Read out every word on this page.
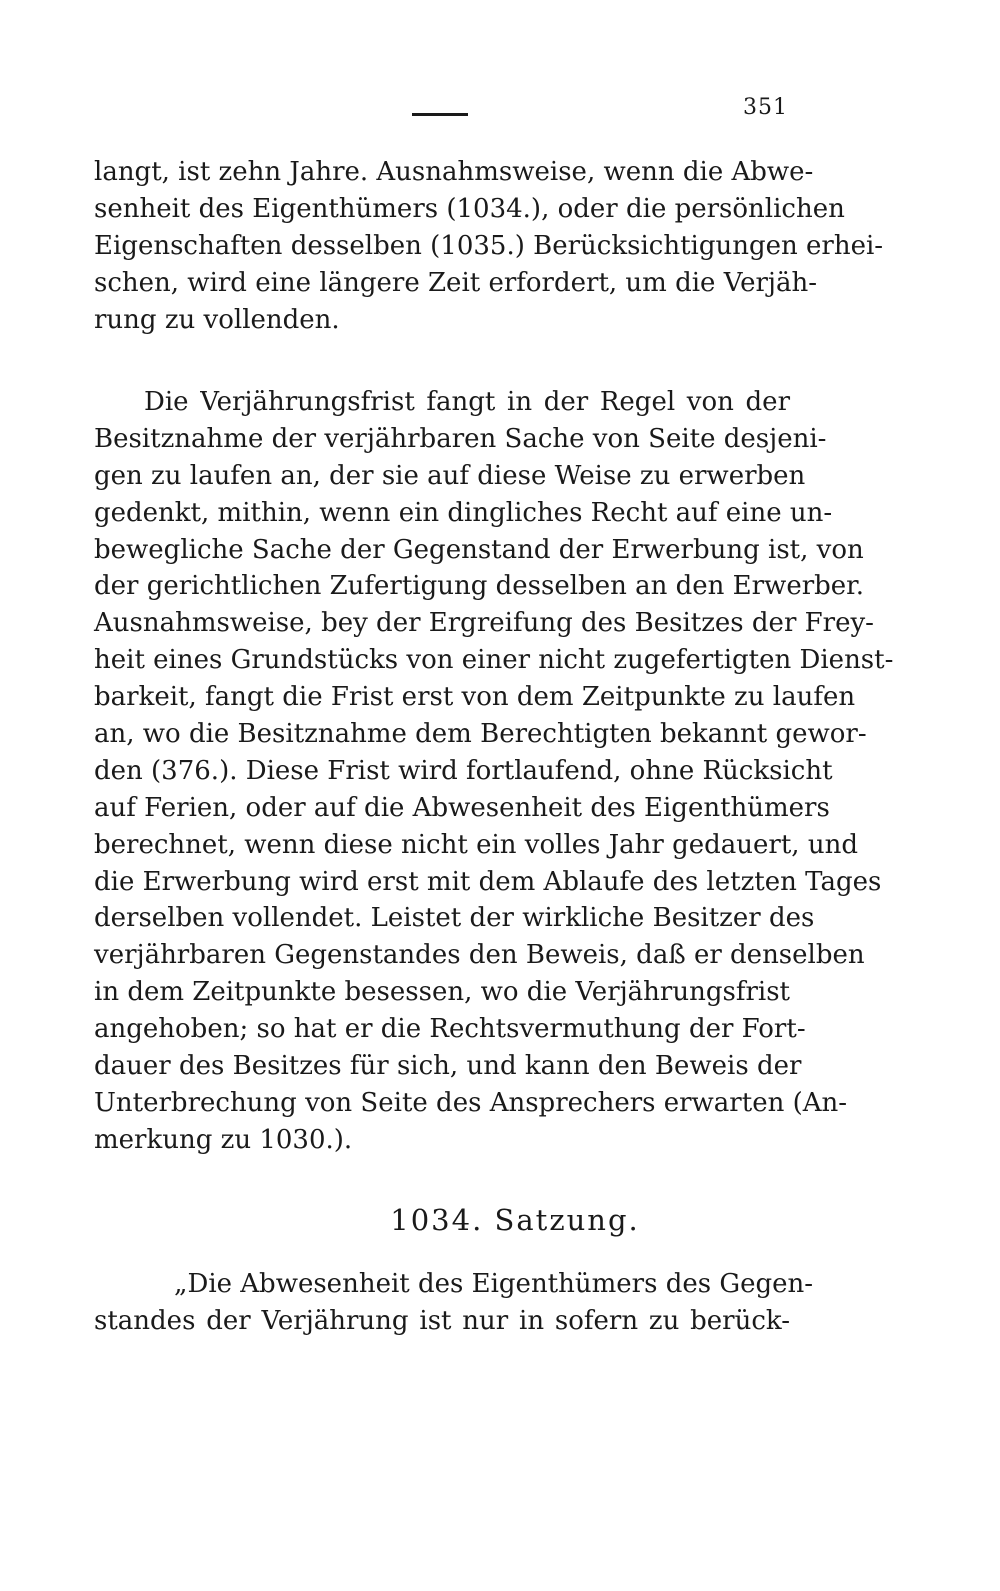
351
langt, ist zehn Jahre. Ausnahmsweise, wenn die Abwe-
senheit des Eigenthümers (1034.), oder die persönlichen
Eigenschaften desselben (1035.) Berücksichtigungen erhei-
schen, wird eine längere Zeit erfordert, um die Verjäh-
rung zu vollenden.
Die Verjährungsfrist fangt in der Regel von der
Besitznahme der verjährbaren Sache von Seite desjeni-
gen zu laufen an, der sie auf diese Weise zu erwerben
gedenkt, mithin, wenn ein dingliches Recht auf eine un-
bewegliche Sache der Gegenstand der Erwerbung ist, von
der gerichtlichen Zufertigung desselben an den Erwerber.
Ausnahmsweise, bey der Ergreifung des Besitzes der Frey-
heit eines Grundstücks von einer nicht zugefertigten Dienst-
barkeit, fangt die Frist erst von dem Zeitpunkte zu laufen
an, wo die Besitznahme dem Berechtigten bekannt gewor-
den (376.). Diese Frist wird fortlaufend, ohne Rücksicht
auf Ferien, oder auf die Abwesenheit des Eigenthümers
berechnet, wenn diese nicht ein volles Jahr gedauert, und
die Erwerbung wird erst mit dem Ablaufe des letzten Tages
derselben vollendet. Leistet der wirkliche Besitzer des
verjährbaren Gegenstandes den Beweis, daß er denselben
in dem Zeitpunkte besessen, wo die Verjährungsfrist
angehoben; so hat er die Rechtsvermuthung der Fort-
dauer des Besitzes für sich, und kann den Beweis der
Unterbrechung von Seite des Ansprechers erwarten (An-
merkung zu 1030.).
1034. Satzung.
„Die Abwesenheit des Eigenthümers des Gegen-
standes der Verjährung ist nur in sofern zu berück-
